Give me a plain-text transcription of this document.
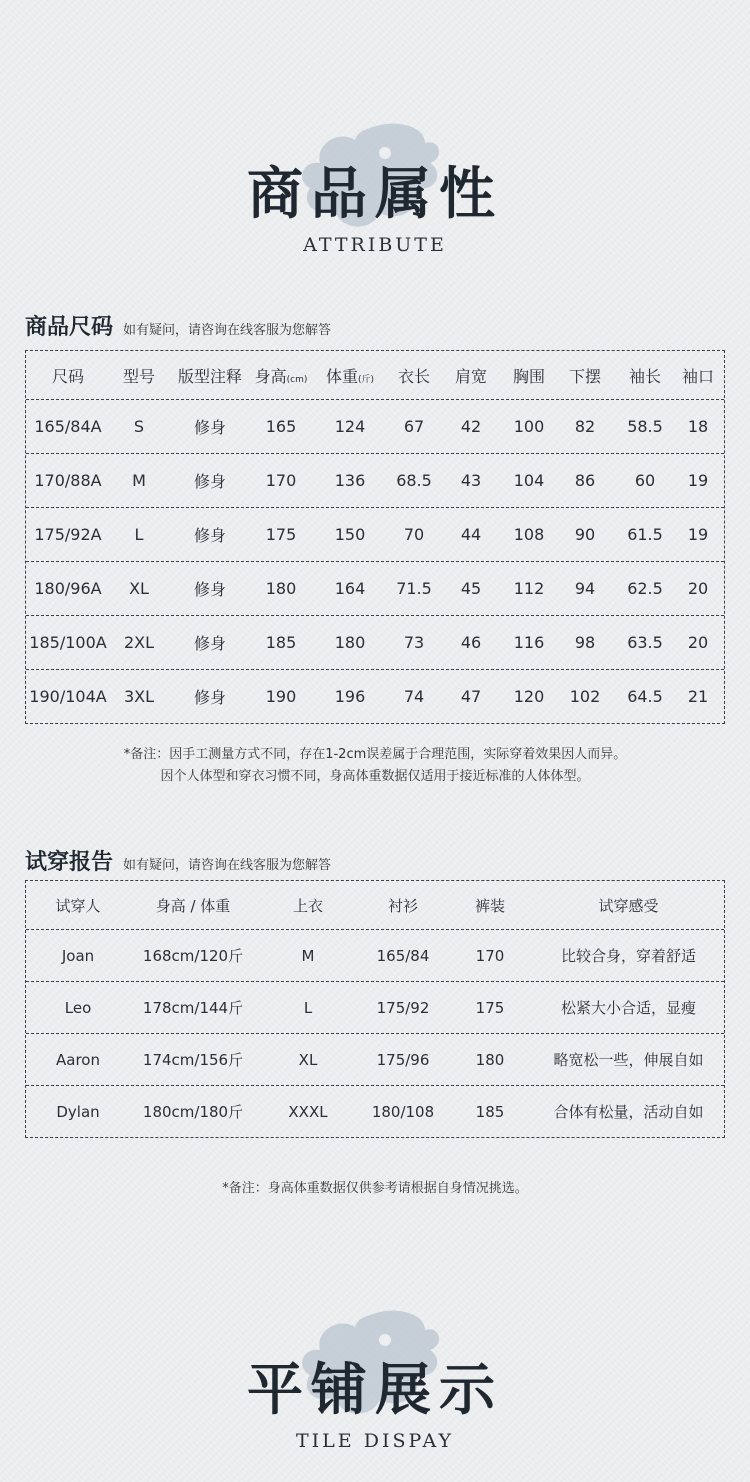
商品属性
ATTRIBUTE
商品尺码 如有疑问，请咨询在线客服为您解答
尺码	型号	版型注释 身高(cm)	体重(斤)	衣长	肩宽	胸围	下摆	袖长	袖口
165/84A	S	修身	165	124	67	42	100	82	58.5	18
170/88A	M	修身	170	136	68.5	43	104	86	60	19
175/92A	L	修身	175	150	70	44	108	90	61.5	19
180/96A	XL	修身	180	164	71.5	45	112	94	62.5	20
185/100A	2XL	修身	185	180	73	46	116	98	63.5	20
190/104A	3XL	修身	190	196	74	47	120	102	64.5	21
*备注：因手工测量方式不同，存在1-2cm误差属于合理范围，实际穿着效果因人而异。
因个人体型和穿衣习惯不同，身高体重数据仅适用于接近标准的人体体型。
试穿报告 如有疑问，请咨询在线客服为您解答
试穿人	身高 / 体重	上衣	衬衫	裤装	试穿感受
Joan	168cm/120斤	M	165/84	170	比较合身，穿着舒适
Leo	178cm/144斤	L	175/92	175	松紧大小合适，显瘦
Aaron	174cm/156斤	XL	175/96	180	略宽松一些，伸展自如
Dylan	180cm/180斤	XXXL	180/108	185	合体有松量，活动自如
*备注：身高体重数据仅供参考请根据自身情况挑选。
平铺展示
TILE DISPAY
